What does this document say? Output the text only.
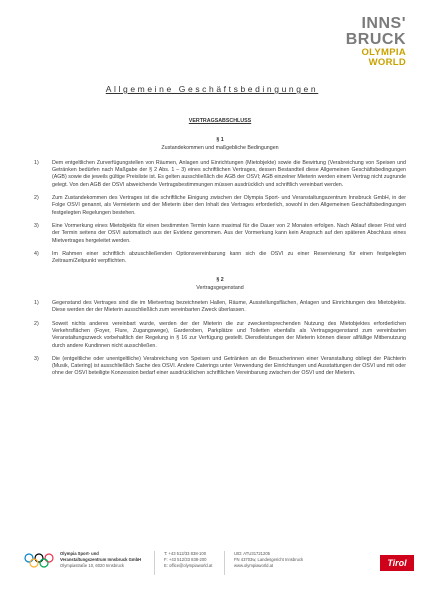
INNS'
BRUCK
OLYMPIA
WORLD
Allgemeine Geschäftsbedingungen

VERTRAGSABSCHLUSS

§ 1
Zustandekommen und maßgebliche Bedingungen
1)	Dem entgeltlichen Zurverfügungstellen von Räumen, Anlagen und Einrichtungen (Mietobjekte) sowie die Bewirtung (Verabreichung von Speisen und Getränken bedürfen nach Maßgabe der § 2 Abs. 1 – 3) eines schriftlichen Vertrages, dessen Bestandteil diese Allgemeinen Geschäftsbedingungen (AGB) sowie die jeweils gültige Preisliste ist. Es gelten ausschließlich die AGB der OSVI; AGB einzelner Mieterin werden einem Vertrag nicht zugrunde gelegt. Von den AGB der OSVI abweichende Vertragsbestimmungen müssen ausdrücklich und schriftlich vereinbart werden.
2)	Zum Zustandekommen des Vertrages ist die schriftliche Einigung zwischen der Olympia Sport- und Veranstaltungszentrum Innsbruck GmbH, in der Folge OSVI genannt, als Vermieterin und der Mieterin über den Inhalt des Vertrages erforderlich, sowohl in den Allgemeinen Geschäftsbedingungen festgelegten Regelungen bestehen.
3)	Eine Vormerkung eines Mietobjekts für einen bestimmten Termin kann maximal für die Dauer von 2 Monaten erfolgen. Nach Ablauf dieser Frist wird der Termin seitens der OSVI automatisch aus der Evidenz genommen. Aus der Vormerkung kann kein Anspruch auf den späteren Abschluss eines Mietvertrages hergeleitet werden.
4)	Im Rahmen einer schriftlich abzuschließenden Optionsvereinbarung kann sich die OSVI zu einer Reservierung für einen festgelegten Zeitraum/Zeitpunkt verpflichten.
§ 2
Vertragsgegenstand
1)	Gegenstand des Vertrages sind die im Mietvertrag bezeichneten Hallen, Räume, Ausstellungsflächen, Anlagen und Einrichtungen des Mietobjekts. Diese werden der der Mieterin ausschließlich zum vereinbarten Zweck überlassen.
2)	Soweit nichts anderes vereinbart wurde, werden der der Mieterin die zur zweckentsprechenden Nutzung des Mietobjektes erforderlichen Verkehrsflächen (Foyer, Flure, Zugangswege), Garderoben, Parkplätze und Toiletten ebenfalls als Vertragsgegenstand zum vereinbarten Veranstaltungszweck vorbehaltlich der Regelung in § 16 zur Verfügung gestellt. Dienstleistungen der Mieterin können dieser allfällige Mitbenutzung durch andere Kundinnen nicht ausschließen.
3)	Die (entgeltliche oder unentgeltliche) Verabreichung von Speisen und Getränken an die Besucherinnen einer Veranstaltung obliegt der Pächterin (Musik, Catering) ist ausschließlich Sache des OSVI. Andere Caterings unter Verwendung der Einrichtungen und Ausstattungen der OSVI und mit oder ohne der OSVI beteiligte Konzession bedarf einer ausdrücklichen schriftlichen Vereinbarung zwischen der OSVI und der Mieterin.
Olympia Sport- und
Veranstaltungszentrum Innsbruck GmbH
Olympiastraße 10, 6020 Innsbruck
T: +43 512/33 838-100
F: +43 512/33 838-200
E: office@olympiaworld.at
UID: ATU31721205
FN 43703w, Landesgericht Innsbruck
www.olympiaworld.at	Tirol
